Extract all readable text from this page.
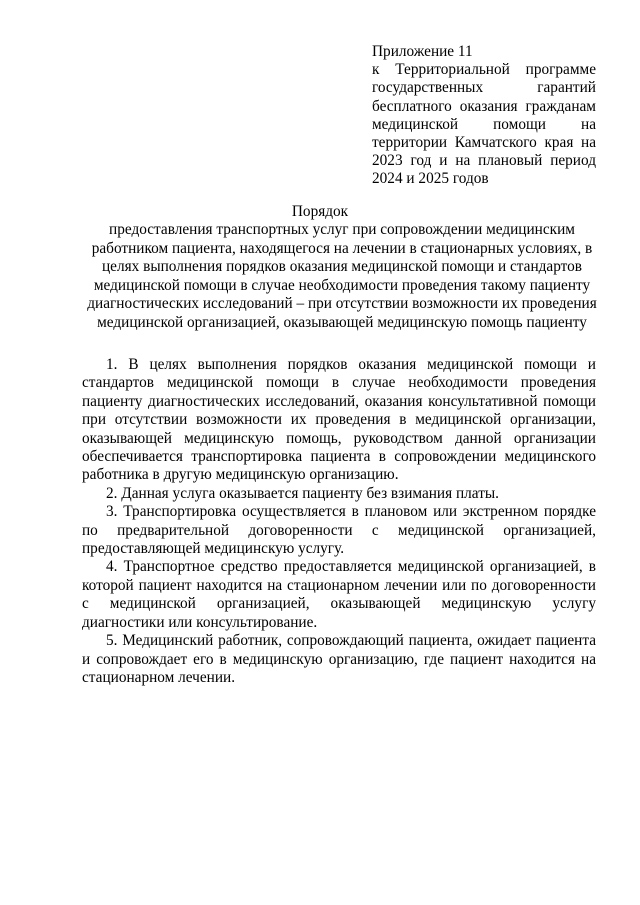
Приложение 11
к Территориальной программе государственных гарантий бесплатного оказания гражданам медицинской помощи на территории Камчатского края на 2023 год и на плановый период 2024 и 2025 годов
Порядок
предоставления транспортных услуг при сопровождении медицинским работником пациента, находящегося на лечении в стационарных условиях, в целях выполнения порядков оказания медицинской помощи и стандартов медицинской помощи в случае необходимости проведения такому пациенту диагностических исследований – при отсутствии возможности их проведения медицинской организацией, оказывающей медицинскую помощь пациенту

1. В целях выполнения порядков оказания медицинской помощи и стандартов медицинской помощи в случае необходимости проведения пациенту диагностических исследований, оказания консультативной помощи при отсутствии возможности их проведения в медицинской организации, оказывающей медицинскую помощь, руководством данной организации обеспечивается транспортировка пациента в сопровождении медицинского работника в другую медицинскую организацию.

2. Данная услуга оказывается пациенту без взимания платы.

3. Транспортировка осуществляется в плановом или экстренном порядке по предварительной договоренности с медицинской организацией, предоставляющей медицинскую услугу.

4. Транспортное средство предоставляется медицинской организацией, в которой пациент находится на стационарном лечении или по договоренности с медицинской организацией, оказывающей медицинскую услугу диагностики или консультирование.

5. Медицинский работник, сопровождающий пациента, ожидает пациента и сопровождает его в медицинскую организацию, где пациент находится на стационарном лечении.
